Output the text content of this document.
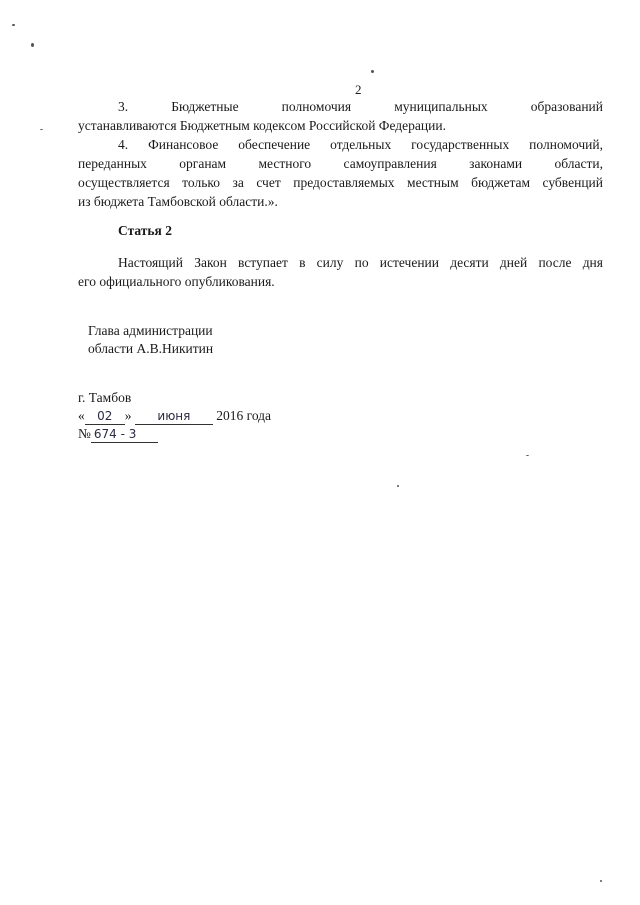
2

3. Бюджетные полномочия муниципальных образований

устанавливаются Бюджетным кодексом Российской Федерации.

4. Финансовое обеспечение отдельных государственных полномочий,

переданных органам местного самоуправления законами области,

осуществляется только за счет предоставляемых местным бюджетам субвенций

из бюджета Тамбовской области.».

Статья 2

Настоящий Закон вступает в силу по истечении десяти дней после дня

его официального опубликования.

Глава администрации
области А.В.Никитин
г. Тамбов
« 02 » июня 2016 года
№ 674 - 3
